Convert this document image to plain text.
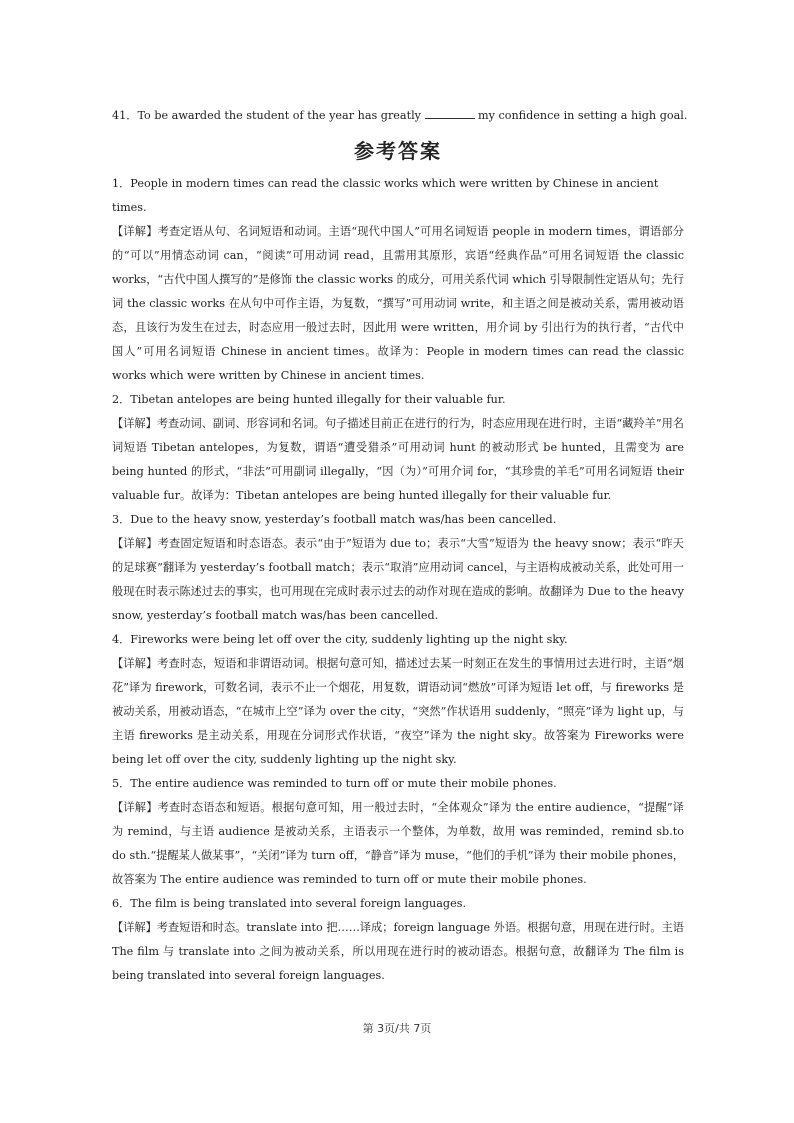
41．To be awarded the student of the year has greatly	my confidence in setting a high goal.

参考答案

1．People in modern times can read the classic works which were written by Chinese in ancient times.

【详解】考查定语从句、名词短语和动词。主语“现代中国人”可用名词短语 people in modern times，谓语部分的“可以”用情态动词 can，“阅读”可用动词 read，且需用其原形，宾语“经典作品”可用名词短语 the classic works，“古代中国人撰写的”是修饰 the classic works 的成分，可用关系代词 which 引导限制性定语从句；先行词 the classic works 在从句中可作主语，为复数，“撰写”可用动词 write，和主语之间是被动关系，需用被动语态，且该行为发生在过去，时态应用一般过去时，因此用 were written，用介词 by 引出行为的执行者，“古代中国人”可用名词短语 Chinese in ancient times。故译为：People in modern times can read the classic works which were written by Chinese in ancient times.

2．Tibetan antelopes are being hunted illegally for their valuable fur.

【详解】考查动词、副词、形容词和名词。句子描述目前正在进行的行为，时态应用现在进行时，主语“藏羚羊”用名词短语 Tibetan antelopes，为复数，谓语“遭受猎杀”可用动词 hunt 的被动形式 be hunted，且需变为 are being hunted 的形式，“非法”可用副词 illegally，“因（为）”可用介词 for，“其珍贵的羊毛”可用名词短语 their valuable fur。故译为：Tibetan antelopes are being hunted illegally for their valuable fur.

3．Due to the heavy snow, yesterday’s football match was/has been cancelled.

【详解】考查固定短语和时态语态。表示“由于”短语为 due to；表示“大雪”短语为 the heavy snow；表示“昨天的足球赛”翻译为 yesterday’s football match；表示“取消”应用动词 cancel，与主语构成被动关系，此处可用一般现在时表示陈述过去的事实，也可用现在完成时表示过去的动作对现在造成的影响。故翻译为 Due to the heavy snow, yesterday’s football match was/has been cancelled.

4．Fireworks were being let off over the city, suddenly lighting up the night sky.

【详解】考查时态，短语和非谓语动词。根据句意可知，描述过去某一时刻正在发生的事情用过去进行时，主语“烟花”译为 firework，可数名词，表示不止一个烟花，用复数，谓语动词“燃放”可译为短语 let off，与 fireworks 是被动关系，用被动语态，“在城市上空”译为 over the city，“突然”作状语用 suddenly，“照亮”译为 light up，与主语 fireworks 是主动关系，用现在分词形式作状语，“夜空”译为 the night sky。故答案为 Fireworks were being let off over the city, suddenly lighting up the night sky.

5．The entire audience was reminded to turn off or mute their mobile phones.

【详解】考查时态语态和短语。根据句意可知，用一般过去时，“全体观众”译为 the entire audience，“提醒”译为 remind，与主语 audience 是被动关系，主语表示一个整体，为单数，故用 was reminded，remind sb.to do sth.“提醒某人做某事”，“关闭”译为 turn off，“静音”译为 muse，“他们的手机”译为 their mobile phones，故答案为 The entire audience was reminded to turn off or mute their mobile phones.

6．The film is being translated into several foreign languages.

【详解】考查短语和时态。translate into 把……译成；foreign language 外语。根据句意，用现在进行时。主语 The film 与 translate into 之间为被动关系，所以用现在进行时的被动语态。根据句意，故翻译为 The film is being translated into several foreign languages.

第 3页/共 7页
